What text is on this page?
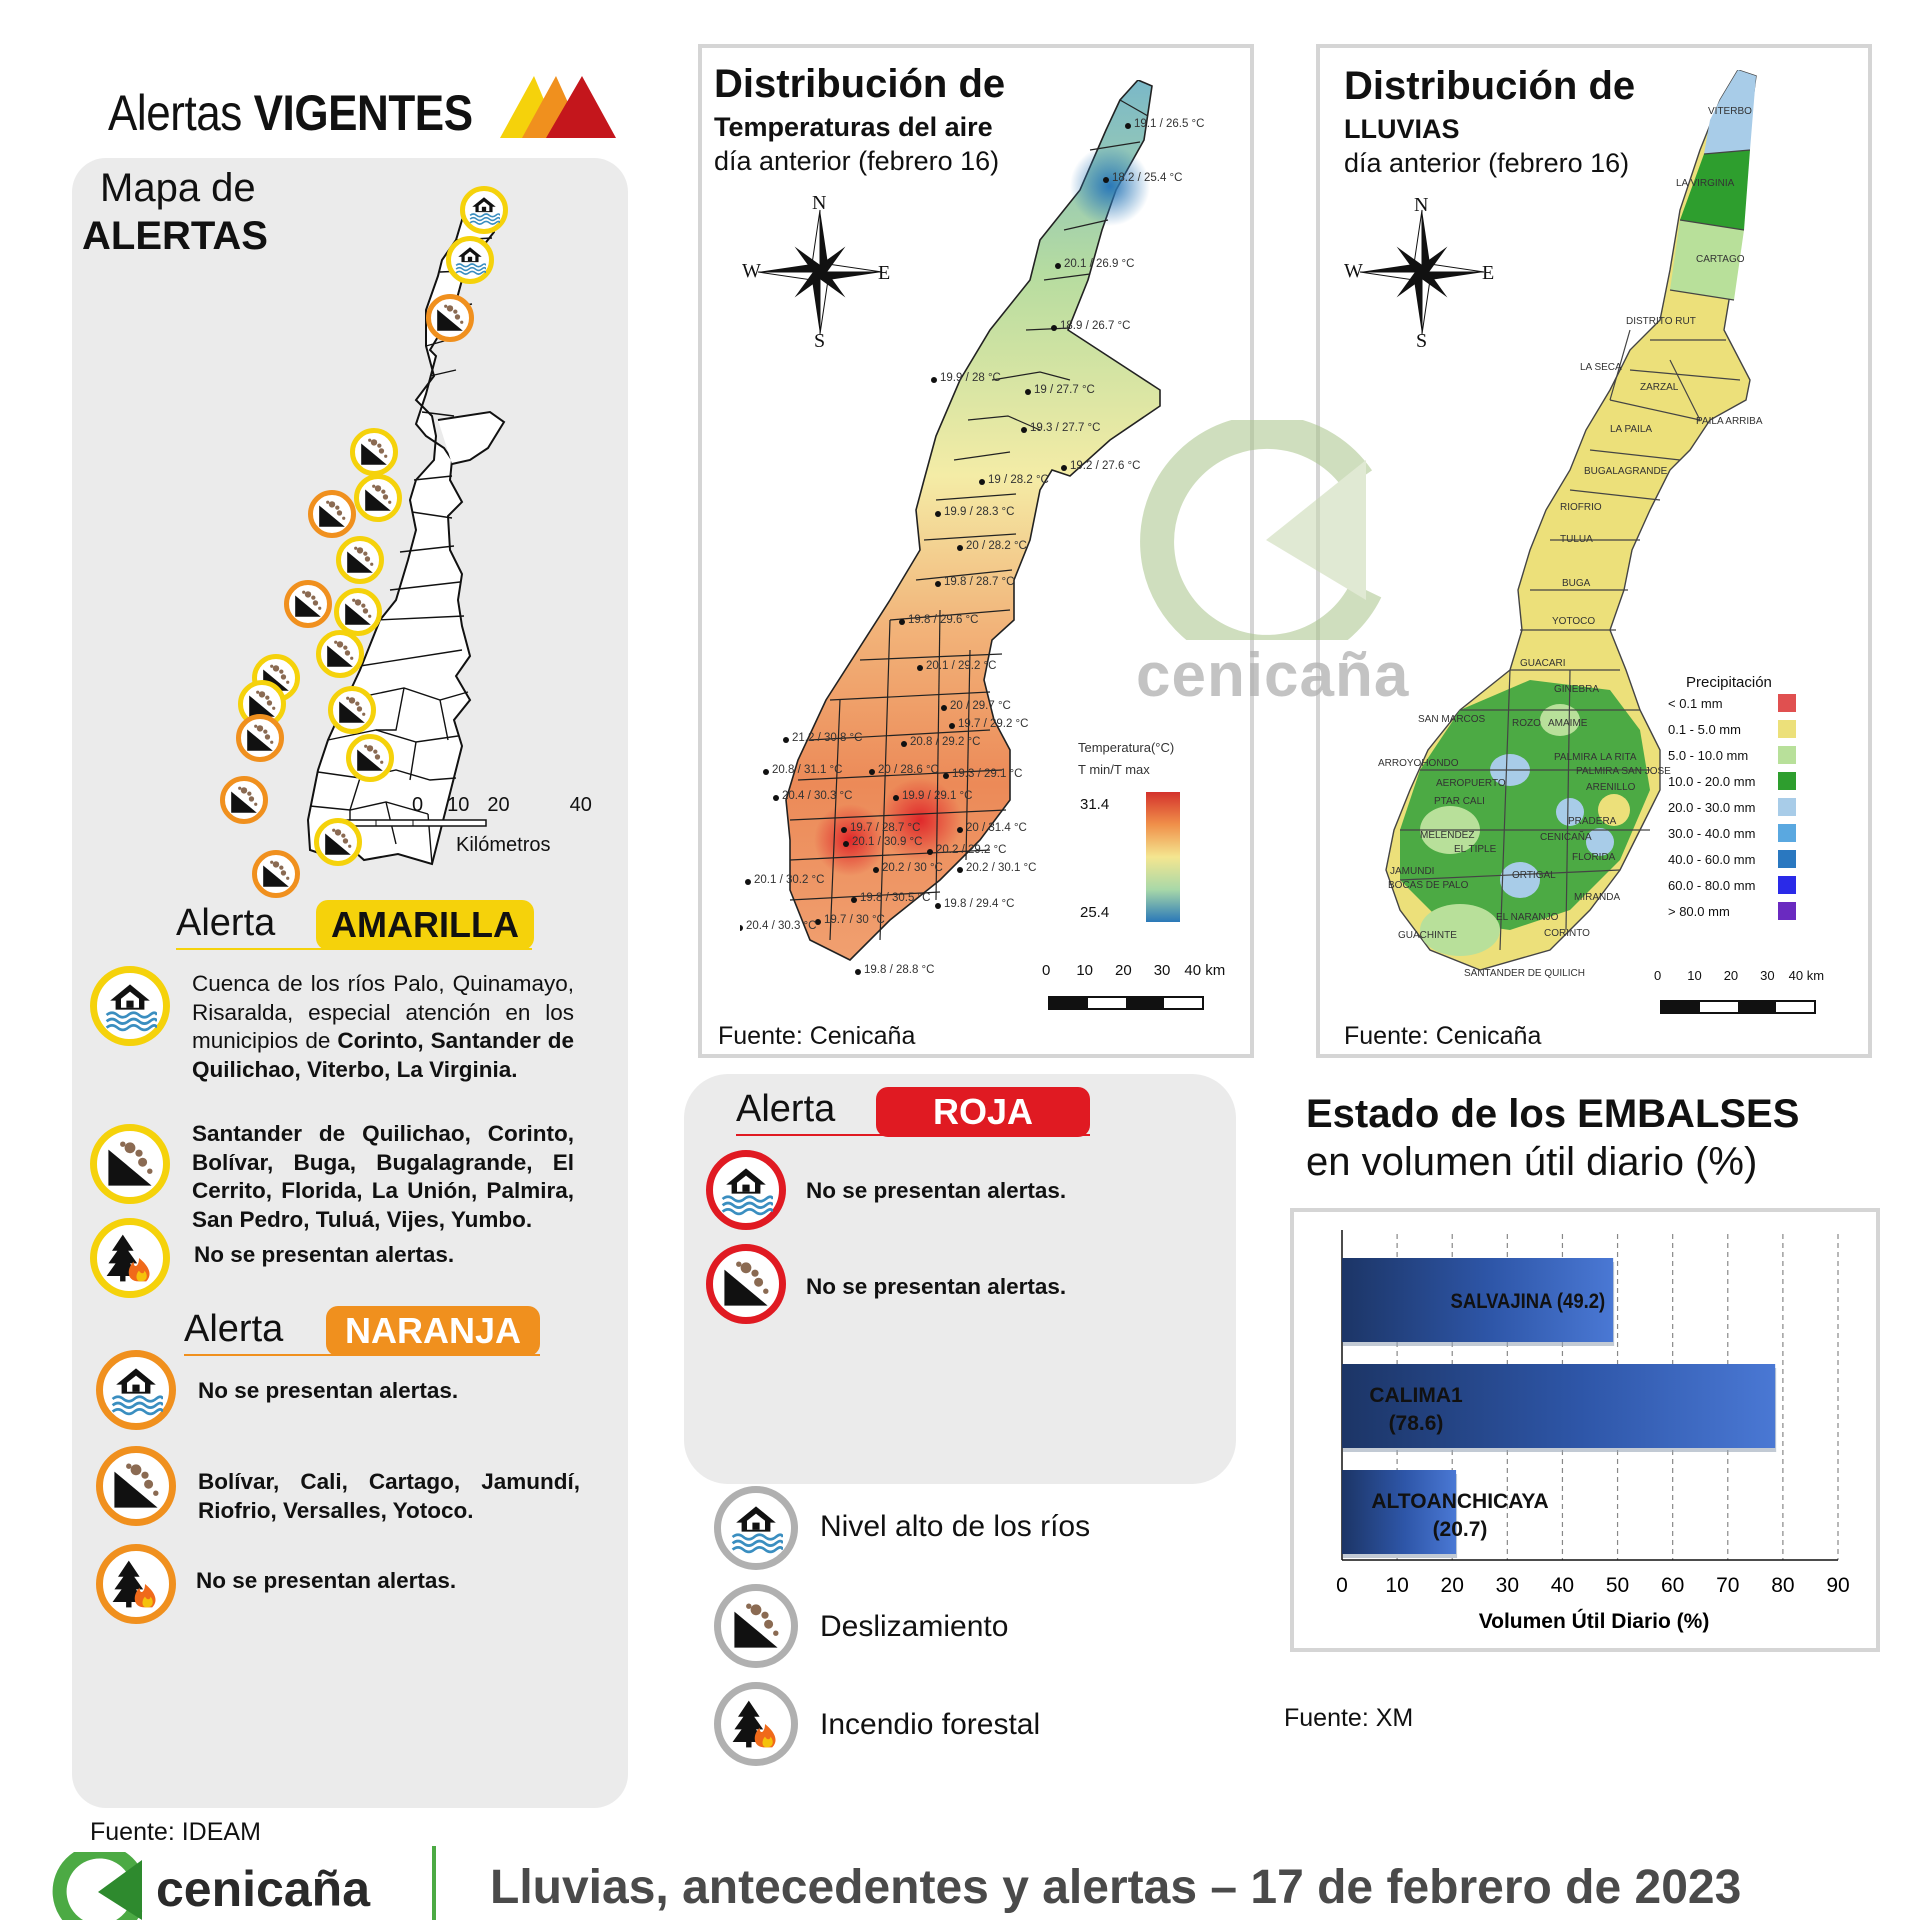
Alertas VIGENTES
Mapa de
ALERTAS
0 10 20	40
Kilómetros
Alerta	AMARILLA
Cuenca de los ríos Palo, Quinamayo, Risaralda, especial atención en los municipios de Corinto, Santander de Quilichao, Viterbo, La Virginia.
Santander de Quilichao, Corinto, Bolívar, Buga, Bugalagrande, El Cerrito, Florida, La Unión, Palmira, San Pedro, Tuluá, Vijes, Yumbo.
No se presentan alertas.
Alerta	NARANJA
No se presentan alertas.
Bolívar, Cali, Cartago, Jamundí, Riofrio, Versalles, Yotoco.
No se presentan alertas.
Distribución de
Temperaturas del aire
día anterior (febrero 16)
N
S
W	E
19.1 / 26.5 °C
18.2 / 25.4 °C
20.1 / 26.9 °C
18.9 / 26.7 °C
19.9 / 28 °C
19 / 27.7 °C
19.3 / 27.7 °C
19.2 / 27.6 °C
19 / 28.2 °C
19.9 / 28.3 °C
20 / 28.2 °C
19.8 / 28.7 °C
19.8 / 29.6 °C
20.1 / 29.2 °C
20 / 29.7 °C
21.2 / 30.8 °C
19.7 / 29.2 °C
20.8 / 29.2 °C
20.8 / 31.1 °C	20 / 28.6 °C 19.3 / 29.1 °C
20.4 / 30.3 °C	19.9 / 29.1 °C
20 / 31.4 °C
19.7 / 28.7 °C
20.1 / 30.9 °C
20.2 / 29.2 °C
20.1 / 30.2 °C
20.2 / 30 °C 20.2 / 30.1 °C
19.8 / 30.5 °C 19.8 / 29.4 °C
20.4 / 30.3 °C 19.7 / 30 °C
19.8 / 28.8 °C
Temperatura(°C)
T min/T max
31.4
25.4
0 10 20 30 40 km
Fuente: Cenicaña
Distribución de
LLUVIAS
día anterior (febrero 16)
N
S
W	E
VITERBO
LA VIRGINIA
CARTAGO
DISTRITO RUT
LA SECA
ZARZAL
LA PAILA
PAILA ARRIBA
BUGALAGRANDE
RIOFRIO
TULUA
BUGA
YOTOCO
GUACARI
GINEBRA
SAN MARCOS	ROZO AMAIME
ARROYOHONDO
PALMIRA LA RITA
PALMIRA SAN JOSE
AEROPUERTO	ARENILLO
PTAR CALI
PRADERA
MELENDEZ
EL TIPLE
CENICAÑA
FLORIDA
JAMUNDI
BOCAS DE PALO
ORTIGAL
MIRANDA
EL NARANJO
GUACHINTE	CORINTO
SANTANDER DE QUILICH
Precipitación
< 0.1 mm
0.1 - 5.0 mm
5.0 - 10.0 mm
10.0 - 20.0 mm
20.0 - 30.0 mm
30.0 - 40.0 mm
40.0 - 60.0 mm
60.0 - 80.0 mm
> 80.0 mm
0 10 20 30 40 km
Fuente: Cenicaña
cenicaña
Alerta	ROJA
No se presentan alertas.
No se presentan alertas.
Nivel alto de los ríos
Deslizamiento
Incendio forestal
Estado de los EMBALSES
en volumen útil diario (%)
0 10 20 30 40 50 60 70 80 90
SALVAJINA (49.2)
CALIMA1
(78.6)
ALTOANCHICAYA
(20.7)
Volumen Útil Diario (%)
Fuente: XM
Fuente: IDEAM
cenicaña Lluvias, antecedentes y alertas – 17 de febrero de 2023
